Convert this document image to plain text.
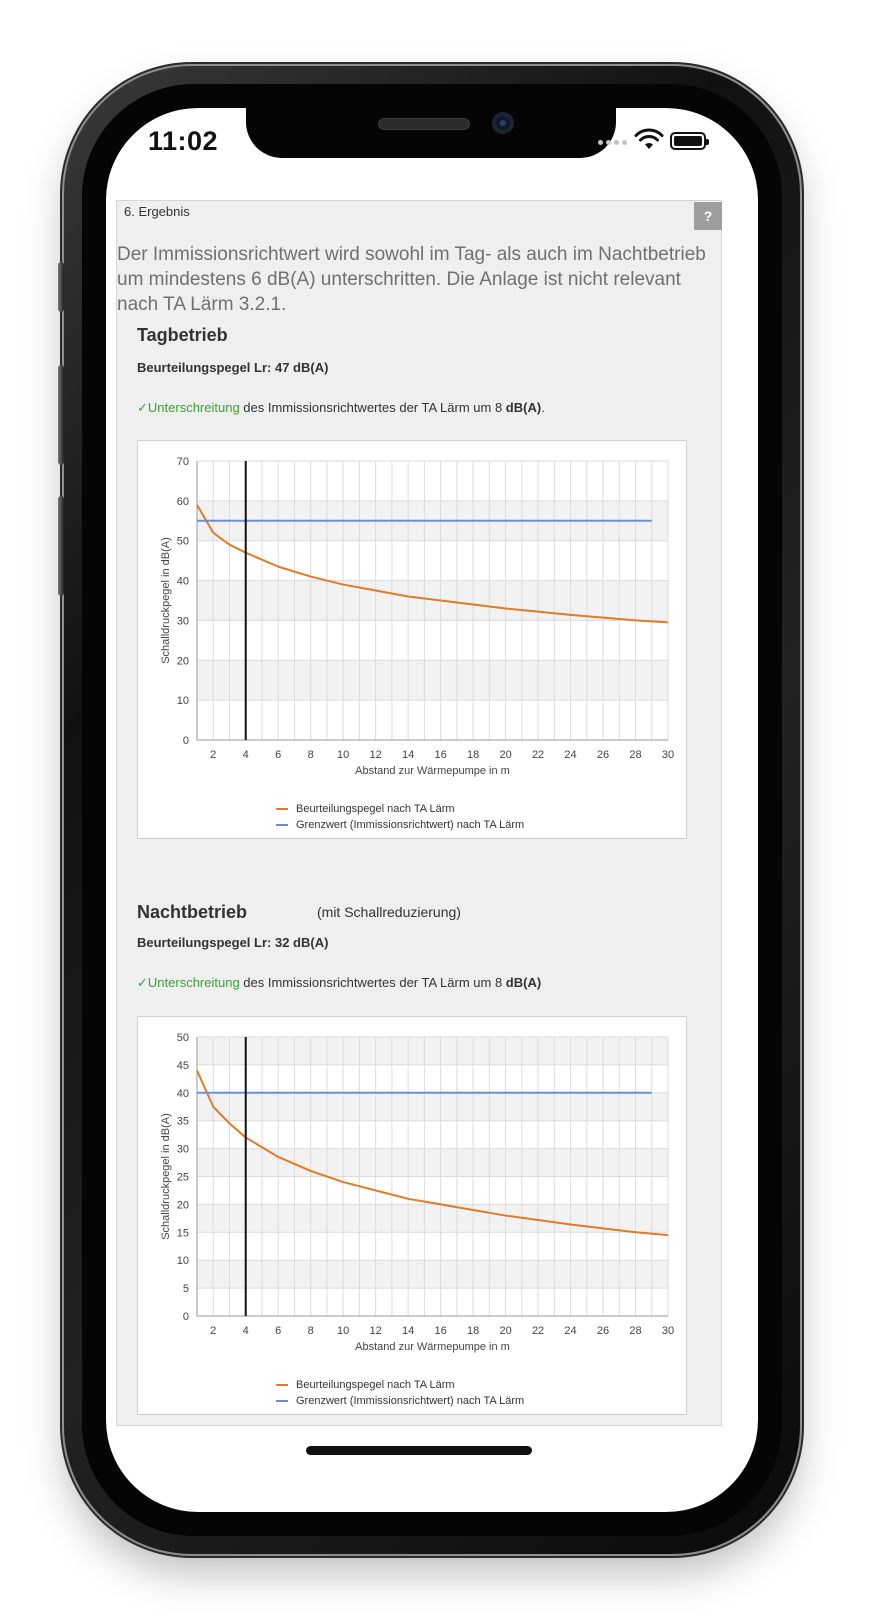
11:02
6. Ergebnis	?
Der Immissionsrichtwert wird sowohl im Tag- als auch im Nachtbetrieb um mindestens 6 dB(A) unterschritten. Die Anlage ist nicht relevant nach TA Lärm 3.2.1.
Tagbetrieb
Beurteilungspegel Lr: 47 dB(A)
✓Unterschreitung des Immissionsrichtwertes der TA Lärm um 8 dB(A).
0
10
20
30
40
50
60
70
2 4 6 8 10 12 14 16 18 20 22 24 26 28 30
Abstand zur Wärmepumpe in m
Schalldruckpegel in dB(A)
Beurteilungspegel nach TA Lärm
Grenzwert (Immissionsrichtwert) nach TA Lärm
Nachtbetrieb	(mit Schallreduzierung)
Beurteilungspegel Lr: 32 dB(A)
✓Unterschreitung des Immissionsrichtwertes der TA Lärm um 8 dB(A)
0
5
10
15
20
25
30
35
40
45
50
2 4 6 8 10 12 14 16 18 20 22 24 26 28 30
Abstand zur Wärmepumpe in m
Schalldruckpegel in dB(A)
Beurteilungspegel nach TA Lärm
Grenzwert (Immissionsrichtwert) nach TA Lärm
